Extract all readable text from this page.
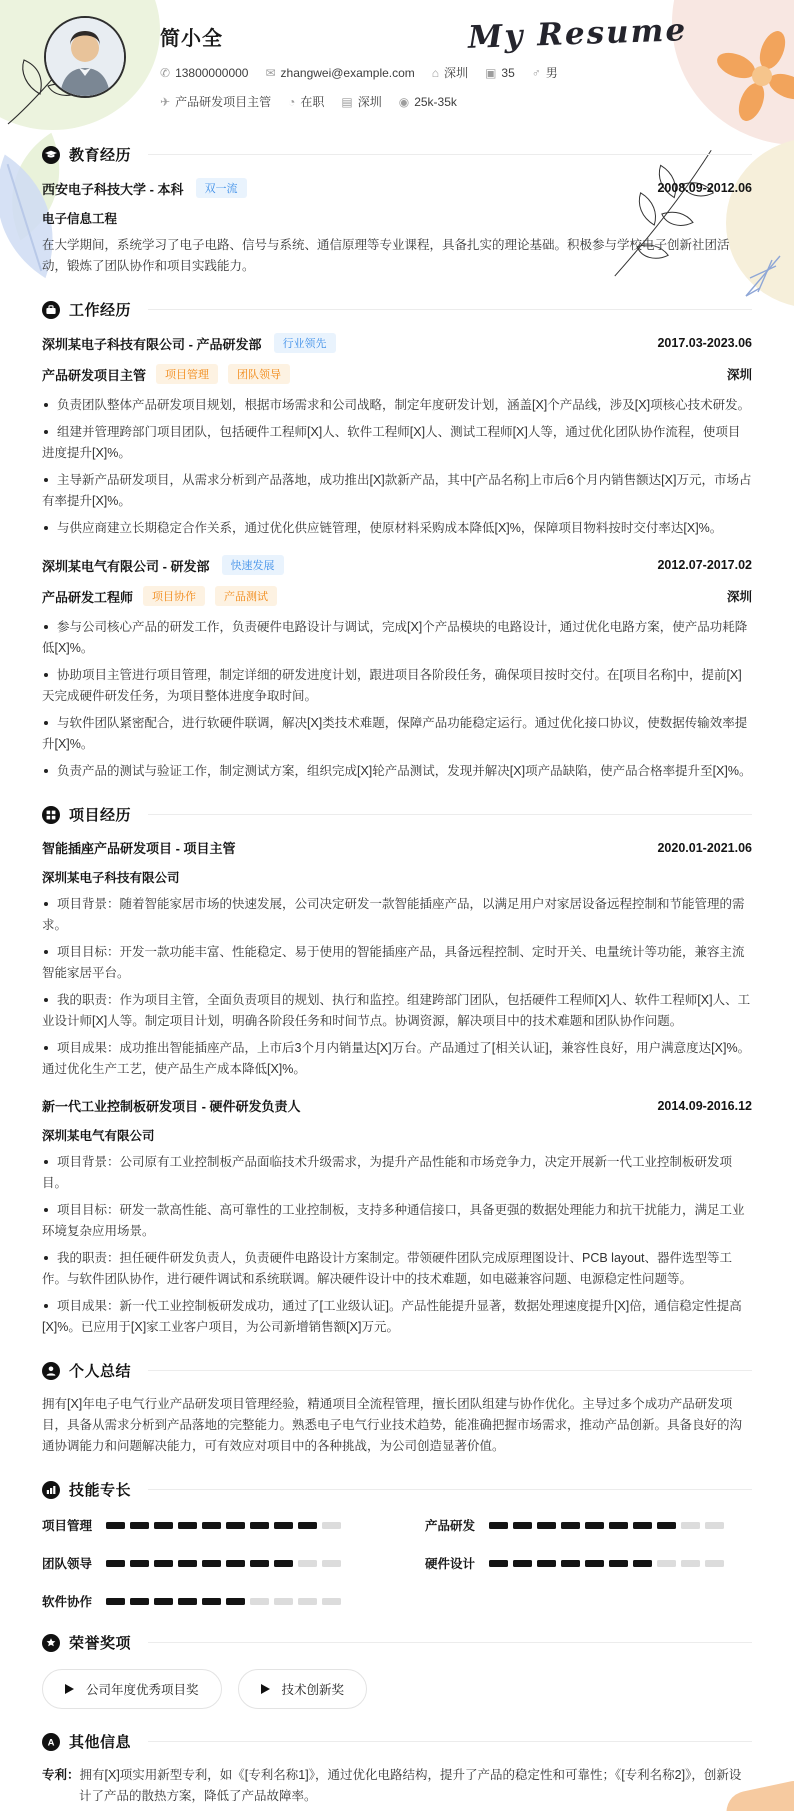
简小全
✆ 13800000000 ✉ zhangwei@example.com ⌂ 深圳 ▣ 35 ♂ 男
✈ 产品研发项目主管 ◔ 在职 ▤ 深圳 ◉ 25k-35k
My Resume
教育经历
西安电子科技大学 - 本科	双一流	2008.09-2012.06
电子信息工程

在大学期间，系统学习了电子电路、信号与系统、通信原理等专业课程，具备扎实的理论基础。积极参与学校电子创新社团活动，锻炼了团队协作和项目实践能力。

工作经历
深圳某电子科技有限公司 - 产品研发部	行业领先	2017.03-2023.06
产品研发项目主管	项目管理	团队领导	深圳

负责团队整体产品研发项目规划，根据市场需求和公司战略，制定年度研发计划，涵盖[X]个产品线，涉及[X]项核心技术研发。

组建并管理跨部门项目团队，包括硬件工程师[X]人、软件工程师[X]人、测试工程师[X]人等，通过优化团队协作流程，使项目进度提升[X]%。

主导新产品研发项目，从需求分析到产品落地，成功推出[X]款新产品，其中[产品名称]上市后6个月内销售额达[X]万元，市场占有率提升[X]%。

与供应商建立长期稳定合作关系，通过优化供应链管理，使原材料采购成本降低[X]%，保障项目物料按时交付率达[X]%。

深圳某电气有限公司 - 研发部	快速发展	2012.07-2017.02
产品研发工程师	项目协作	产品测试	深圳

参与公司核心产品的研发工作，负责硬件电路设计与调试，完成[X]个产品模块的电路设计，通过优化电路方案，使产品功耗降低[X]%。

协助项目主管进行项目管理，制定详细的研发进度计划，跟进项目各阶段任务，确保项目按时交付。在[项目名称]中，提前[X]天完成硬件研发任务，为项目整体进度争取时间。

与软件团队紧密配合，进行软硬件联调，解决[X]类技术难题，保障产品功能稳定运行。通过优化接口协议，使数据传输效率提升[X]%。

负责产品的测试与验证工作，制定测试方案，组织完成[X]轮产品测试，发现并解决[X]项产品缺陷，使产品合格率提升至[X]%。

项目经历
智能插座产品研发项目 - 项目主管	2020.01-2021.06
深圳某电子科技有限公司

项目背景：随着智能家居市场的快速发展，公司决定研发一款智能插座产品，以满足用户对家居设备远程控制和节能管理的需求。

项目目标：开发一款功能丰富、性能稳定、易于使用的智能插座产品，具备远程控制、定时开关、电量统计等功能，兼容主流智能家居平台。

我的职责：作为项目主管，全面负责项目的规划、执行和监控。组建跨部门团队，包括硬件工程师[X]人、软件工程师[X]人、工业设计师[X]人等。制定项目计划，明确各阶段任务和时间节点。协调资源，解决项目中的技术难题和团队协作问题。

项目成果：成功推出智能插座产品，上市后3个月内销量达[X]万台。产品通过了[相关认证]，兼容性良好，用户满意度达[X]%。通过优化生产工艺，使产品生产成本降低[X]%。

新一代工业控制板研发项目 - 硬件研发负责人	2014.09-2016.12
深圳某电气有限公司

项目背景：公司原有工业控制板产品面临技术升级需求，为提升产品性能和市场竞争力，决定开展新一代工业控制板研发项目。

项目目标：研发一款高性能、高可靠性的工业控制板，支持多种通信接口，具备更强的数据处理能力和抗干扰能力，满足工业环境复杂应用场景。

我的职责：担任硬件研发负责人，负责硬件电路设计方案制定。带领硬件团队完成原理图设计、PCB layout、器件选型等工作。与软件团队协作，进行硬件调试和系统联调。解决硬件设计中的技术难题，如电磁兼容问题、电源稳定性问题等。

项目成果：新一代工业控制板研发成功，通过了[工业级认证]。产品性能提升显著，数据处理速度提升[X]倍，通信稳定性提高[X]%。已应用于[X]家工业客户项目，为公司新增销售额[X]万元。

个人总结

拥有[X]年电子电气行业产品研发项目管理经验，精通项目全流程管理，擅长团队组建与协作优化。主导过多个成功产品研发项目，具备从需求分析到产品落地的完整能力。熟悉电子电气行业技术趋势，能准确把握市场需求，推动产品创新。具备良好的沟通协调能力和问题解决能力，可有效应对项目中的各种挑战，为公司创造显著价值。

技能专长
项目管理	产品研发
团队领导	硬件设计
软件协作
荣誉奖项
公司年度优秀项目奖	技术创新奖
A 其他信息

专利：拥有[X]项实用新型专利，如《[专利名称1]》，通过优化电路结构，提升了产品的稳定性和可靠性；《[专利名称2]》，创新设计了产品的散热方案，降低了产品故障率。
